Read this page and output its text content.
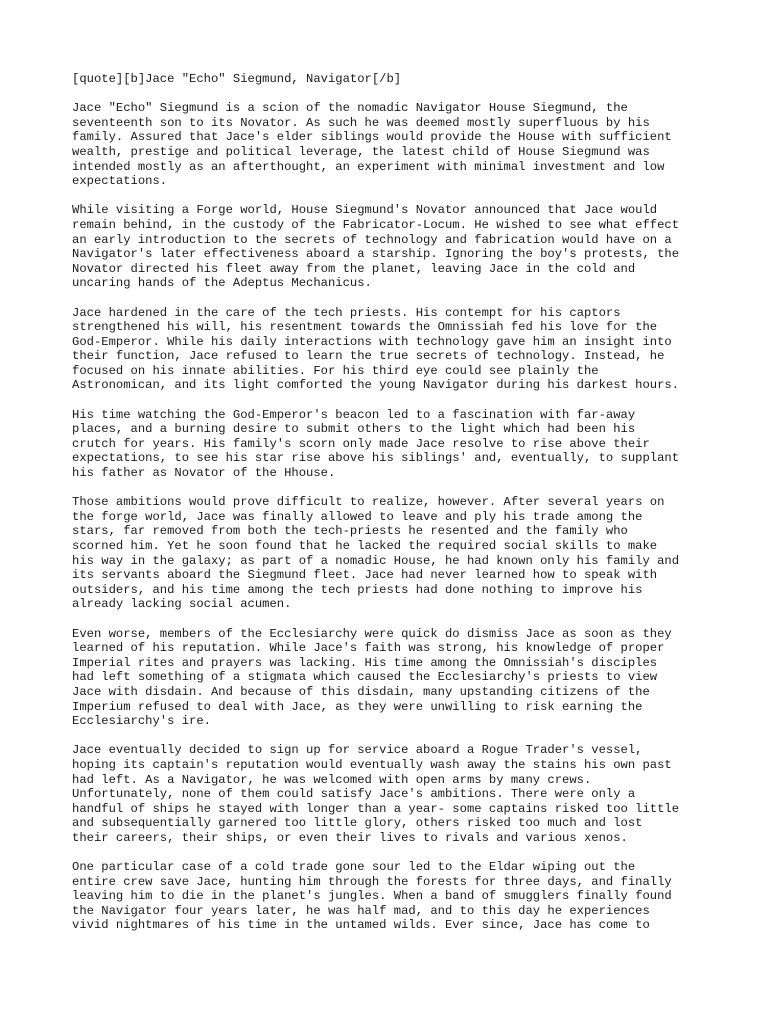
[quote][b]Jace "Echo" Siegmund, Navigator[/b]

Jace "Echo" Siegmund is a scion of the nomadic Navigator House Siegmund, the
seventeenth son to its Novator. As such he was deemed mostly superfluous by his
family. Assured that Jace's elder siblings would provide the House with sufficient
wealth, prestige and political leverage, the latest child of House Siegmund was
intended mostly as an afterthought, an experiment with minimal investment and low
expectations.

While visiting a Forge world, House Siegmund's Novator announced that Jace would
remain behind, in the custody of the Fabricator-Locum. He wished to see what effect
an early introduction to the secrets of technology and fabrication would have on a
Navigator's later effectiveness aboard a starship. Ignoring the boy's protests, the
Novator directed his fleet away from the planet, leaving Jace in the cold and
uncaring hands of the Adeptus Mechanicus.

Jace hardened in the care of the tech priests. His contempt for his captors
strengthened his will, his resentment towards the Omnissiah fed his love for the
God-Emperor. While his daily interactions with technology gave him an insight into
their function, Jace refused to learn the true secrets of technology. Instead, he
focused on his innate abilities. For his third eye could see plainly the
Astronomican, and its light comforted the young Navigator during his darkest hours.

His time watching the God-Emperor's beacon led to a fascination with far-away
places, and a burning desire to submit others to the light which had been his
crutch for years. His family's scorn only made Jace resolve to rise above their
expectations, to see his star rise above his siblings' and, eventually, to supplant
his father as Novator of the Hhouse.

Those ambitions would prove difficult to realize, however. After several years on
the forge world, Jace was finally allowed to leave and ply his trade among the
stars, far removed from both the tech-priests he resented and the family who
scorned him. Yet he soon found that he lacked the required social skills to make
his way in the galaxy; as part of a nomadic House, he had known only his family and
its servants aboard the Siegmund fleet. Jace had never learned how to speak with
outsiders, and his time among the tech priests had done nothing to improve his
already lacking social acumen.

Even worse, members of the Ecclesiarchy were quick do dismiss Jace as soon as they
learned of his reputation. While Jace's faith was strong, his knowledge of proper
Imperial rites and prayers was lacking. His time among the Omnissiah's disciples
had left something of a stigmata which caused the Ecclesiarchy's priests to view
Jace with disdain. And because of this disdain, many upstanding citizens of the
Imperium refused to deal with Jace, as they were unwilling to risk earning the
Ecclesiarchy's ire.

Jace eventually decided to sign up for service aboard a Rogue Trader's vessel,
hoping its captain's reputation would eventually wash away the stains his own past
had left. As a Navigator, he was welcomed with open arms by many crews.
Unfortunately, none of them could satisfy Jace's ambitions. There were only a
handful of ships he stayed with longer than a year- some captains risked too little
and subsequentially garnered too little glory, others risked too much and lost
their careers, their ships, or even their lives to rivals and various xenos.

One particular case of a cold trade gone sour led to the Eldar wiping out the
entire crew save Jace, hunting him through the forests for three days, and finally
leaving him to die in the planet's jungles. When a band of smugglers finally found
the Navigator four years later, he was half mad, and to this day he experiences
vivid nightmares of his time in the untamed wilds. Ever since, Jace has come to
